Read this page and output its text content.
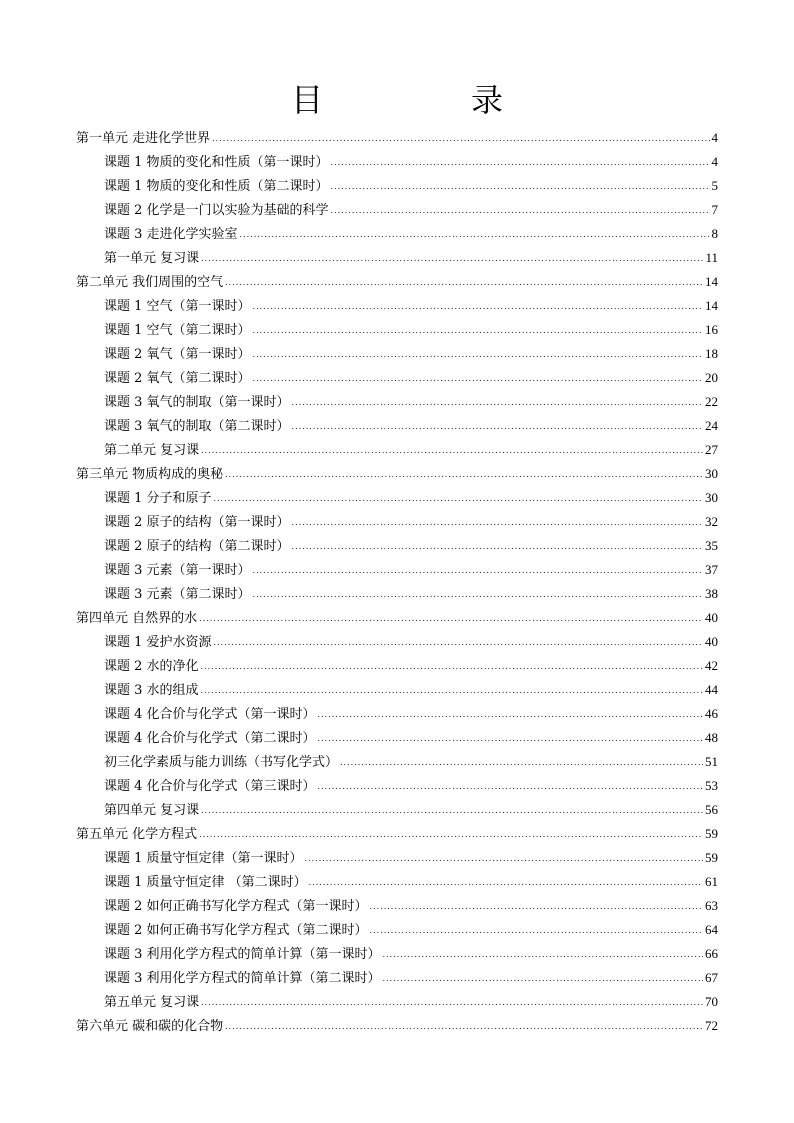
目　录
第一单元 走进化学世界 .....	4
课题 1 物质的变化和性质（第一课时） .....	4
课题 1 物质的变化和性质（第二课时） .....	5
课题 2 化学是一门以实验为基础的科学 .....	7
课题 3 走进化学实验室 .....	8
第一单元 复习课 .....	11
第二单元 我们周围的空气 .....	14
课题 1 空气（第一课时） .....	14
课题 1 空气（第二课时） .....	16
课题 2 氧气（第一课时） .....	18
课题 2 氧气（第二课时） .....	20
课题 3 氧气的制取（第一课时） .....	22
课题 3 氧气的制取（第二课时） .....	24
第二单元 复习课 .....	27
第三单元 物质构成的奥秘 .....	30
课题 1 分子和原子 .....	30
课题 2 原子的结构（第一课时） .....	32
课题 2 原子的结构（第二课时） .....	35
课题 3 元素（第一课时） .....	37
课题 3 元素（第二课时） .....	38
第四单元 自然界的水 .....	40
课题 1 爱护水资源 .....	40
课题 2 水的净化 .....	42
课题 3 水的组成 .....	44
课题 4 化合价与化学式（第一课时） .....	46
课题 4 化合价与化学式（第二课时） .....	48
初三化学素质与能力训练（书写化学式） .....	51
课题 4 化合价与化学式（第三课时） .....	53
第四单元 复习课 .....	56
第五单元 化学方程式 .....	59
课题 1 质量守恒定律（第一课时） .....	59
课题 1 质量守恒定律 （第二课时） .....	61
课题 2 如何正确书写化学方程式（第一课时） .....	63
课题 2 如何正确书写化学方程式（第二课时） .....	64
课题 3 利用化学方程式的简单计算（第一课时） .....	66
课题 3 利用化学方程式的简单计算（第二课时） .....	67
第五单元 复习课 .....	70
第六单元 碳和碳的化合物 .....	72
